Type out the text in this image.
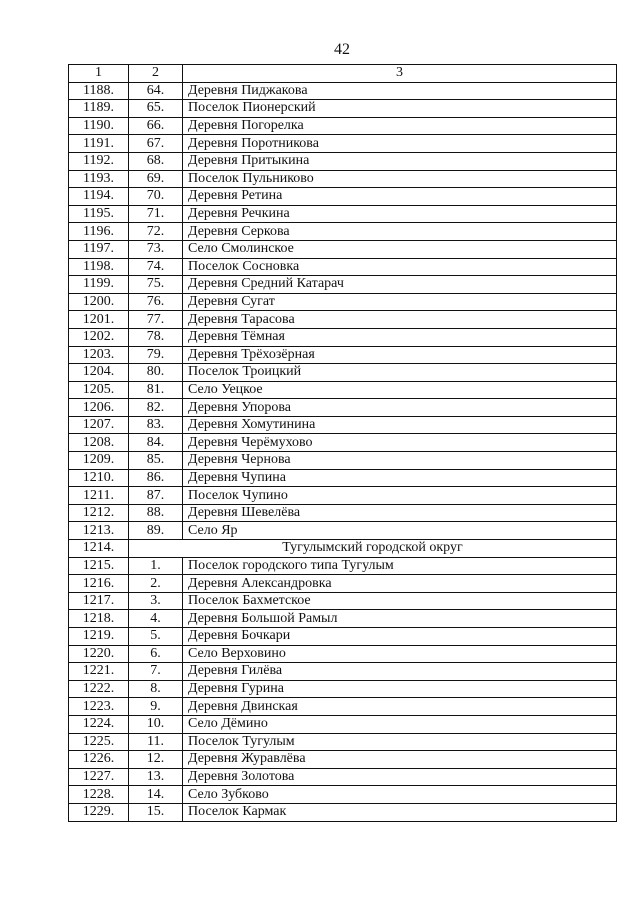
42
1	2	3
1188.	64.	Деревня Пиджакова
1189.	65.	Поселок Пионерский
1190.	66.	Деревня Погорелка
1191.	67.	Деревня Поротникова
1192.	68.	Деревня Притыкина
1193.	69.	Поселок Пульниково
1194.	70.	Деревня Ретина
1195.	71.	Деревня Речкина
1196.	72.	Деревня Серкова
1197.	73.	Село Смолинское
1198.	74.	Поселок Сосновка
1199.	75.	Деревня Средний Катарач
1200.	76.	Деревня Сугат
1201.	77.	Деревня Тарасова
1202.	78.	Деревня Тёмная
1203.	79.	Деревня Трёхозёрная
1204.	80.	Поселок Троицкий
1205.	81.	Село Уецкое
1206.	82.	Деревня Упорова
1207.	83.	Деревня Хомутинина
1208.	84.	Деревня Черёмухово
1209.	85.	Деревня Чернова
1210.	86.	Деревня Чупина
1211.	87.	Поселок Чупино
1212.	88.	Деревня Шевелёва
1213.	89.	Село Яр
1214.	Тугулымский городской округ	
1215.	1.	Поселок городского типа Тугулым
1216.	2.	Деревня Александровка
1217.	3.	Поселок Бахметское
1218.	4.	Деревня Большой Рамыл
1219.	5.	Деревня Бочкари
1220.	6.	Село Верховино
1221.	7.	Деревня Гилёва
1222.	8.	Деревня Гурина
1223.	9.	Деревня Двинская
1224.	10.	Село Дёмино
1225.	11.	Поселок Тугулым
1226.	12.	Деревня Журавлёва
1227.	13.	Деревня Золотова
1228.	14.	Село Зубково
1229.	15.	Поселок Кармак
